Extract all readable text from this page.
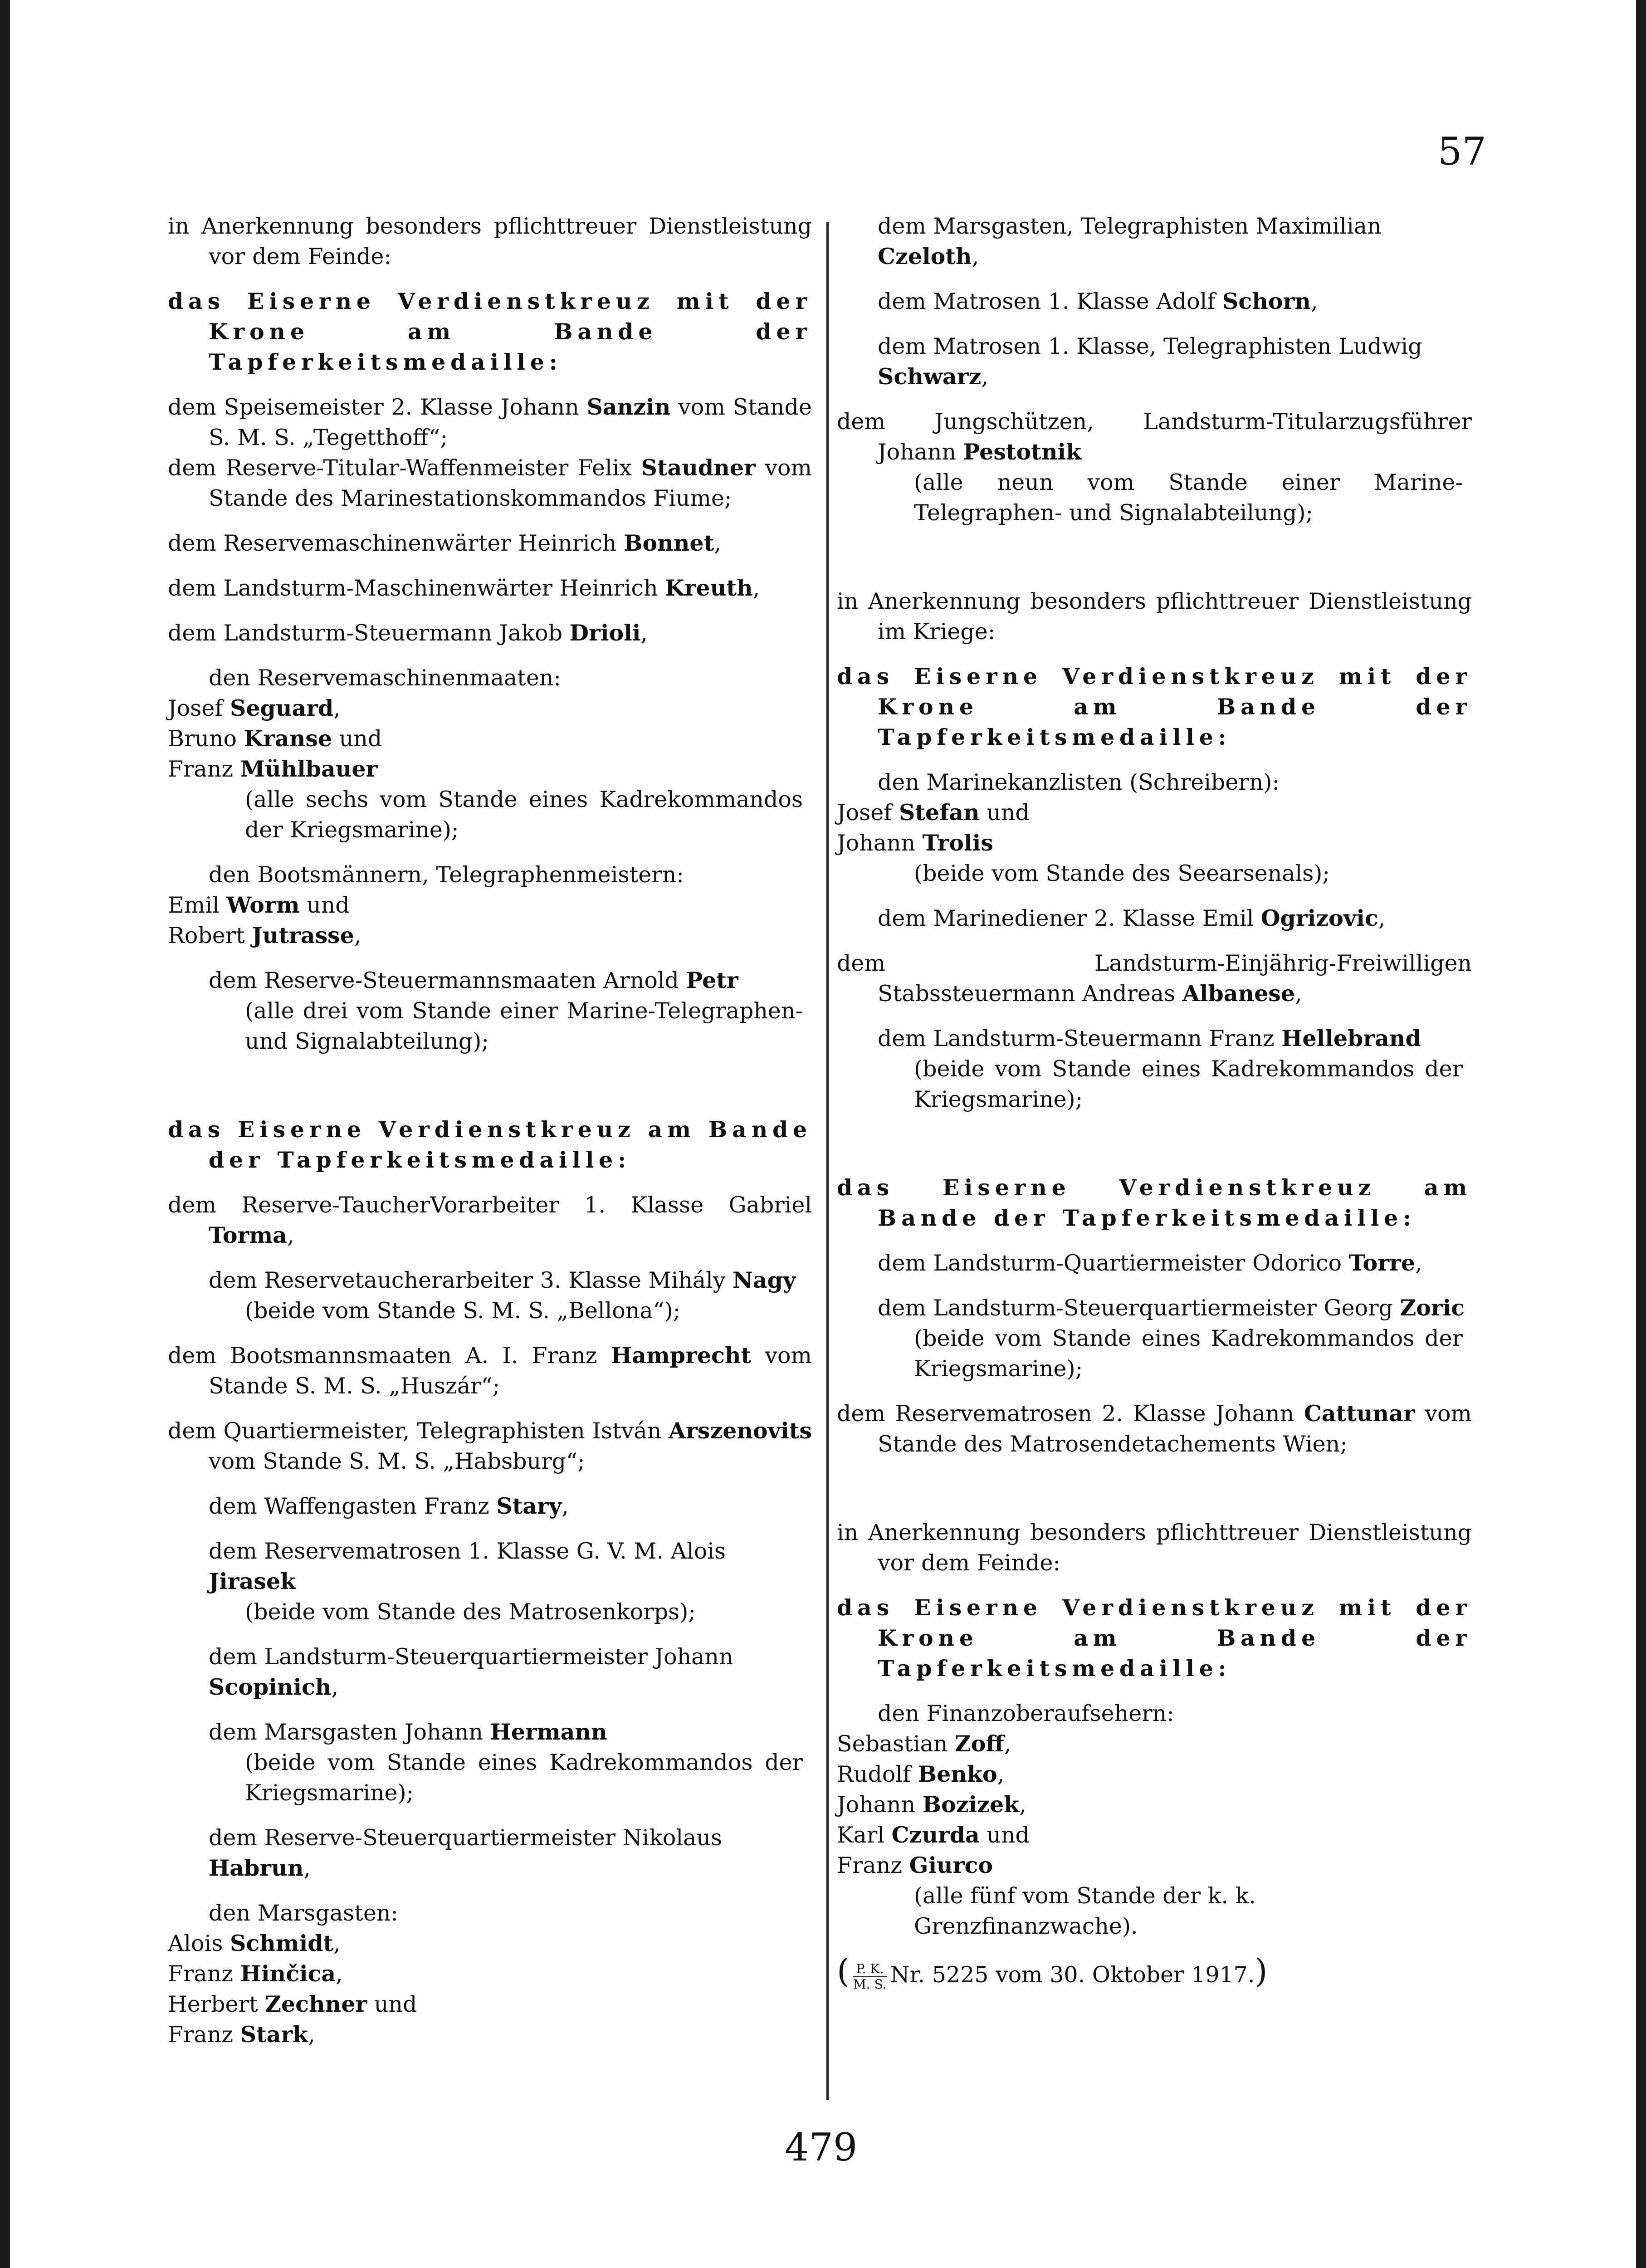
57
in Anerkennung besonders pflichttreuer Dienstleistung vor dem Feinde:
das Eiserne Verdienstkreuz mit der Krone am Bande der Tapferkeitsmedaille:
dem Speisemeister 2. Klasse Johann Sanzin vom Stande S. M. S. „Tegetthoff“;
dem Reserve-Titular-Waffenmeister Felix Staudner vom Stande des Marinestationskommandos Fiume;
dem Reservemaschinenwärter Heinrich Bonnet,
dem Landsturm-Maschinenwärter Heinrich Kreuth,
dem Landsturm-Steuermann Jakob Drioli,
den Reservemaschinenmaaten:
Josef Seguard,
Bruno Kranse und
Franz Mühlbauer
(alle sechs vom Stande eines Kadrekommandos der Kriegsmarine);
den Bootsmännern, Telegraphenmeistern:
Emil Worm und
Robert Jutrasse,
dem Reserve-Steuermannsmaaten Arnold Petr
(alle drei vom Stande einer Marine-Telegraphen- und Signalabteilung);
das Eiserne Verdienstkreuz am Bande der Tapferkeitsmedaille:
dem Reserve-TaucherVorarbeiter 1. Klasse Gabriel Torma,
dem Reservetaucherarbeiter 3. Klasse Mihály Nagy
(beide vom Stande S. M. S. „Bellona“);
dem Bootsmannsmaaten A. I. Franz Hamprecht vom Stande S. M. S. „Huszár“;
dem Quartiermeister, Telegraphisten István Arszenovits vom Stande S. M. S. „Habsburg“;
dem Waffengasten Franz Stary,
dem Reservematrosen 1. Klasse G. V. M. Alois Jirasek
(beide vom Stande des Matrosenkorps);
dem Landsturm-Steuerquartiermeister Johann Scopinich,
dem Marsgasten Johann Hermann
(beide vom Stande eines Kadrekommandos der Kriegsmarine);
dem Reserve-Steuerquartiermeister Nikolaus Habrun,
den Marsgasten:
Alois Schmidt,
Franz Hinčica,
Herbert Zechner und
Franz Stark,
dem Marsgasten, Telegraphisten Maximilian Czeloth,
dem Matrosen 1. Klasse Adolf Schorn,
dem Matrosen 1. Klasse, Telegraphisten Ludwig Schwarz,
dem Jungschützen, Landsturm-Titularzugsführer Johann Pestotnik
(alle neun vom Stande einer Marine-Telegraphen- und Signalabteilung);
in Anerkennung besonders pflichttreuer Dienstleistung im Kriege:
das Eiserne Verdienstkreuz mit der Krone am Bande der Tapferkeitsmedaille:
den Marinekanzlisten (Schreibern):
Josef Stefan und
Johann Trolis
(beide vom Stande des Seearsenals);
dem Marinediener 2. Klasse Emil Ogrizovic,
dem Landsturm-Einjährig-Freiwilligen Stabssteuermann Andreas Albanese,
dem Landsturm-Steuermann Franz Hellebrand
(beide vom Stande eines Kadrekommandos der Kriegsmarine);
das Eiserne Verdienstkreuz am Bande der Tapferkeitsmedaille:
dem Landsturm-Quartiermeister Odorico Torre,
dem Landsturm-Steuerquartiermeister Georg Zoric
(beide vom Stande eines Kadrekommandos der Kriegsmarine);
dem Reservematrosen 2. Klasse Johann Cattunar vom Stande des Matrosendetachements Wien;
in Anerkennung besonders pflichttreuer Dienstleistung vor dem Feinde:
das Eiserne Verdienstkreuz mit der Krone am Bande der Tapferkeitsmedaille:
den Finanzoberaufsehern:
Sebastian Zoff,
Rudolf Benko,
Johann Bozizek,
Karl Czurda und
Franz Giurco
(alle fünf vom Stande der k. k. Grenzfinanzwache).
( $\frac{P. K.}{M. S.} Nr$. 5225 vom 30. Oktober 1917.)
479
